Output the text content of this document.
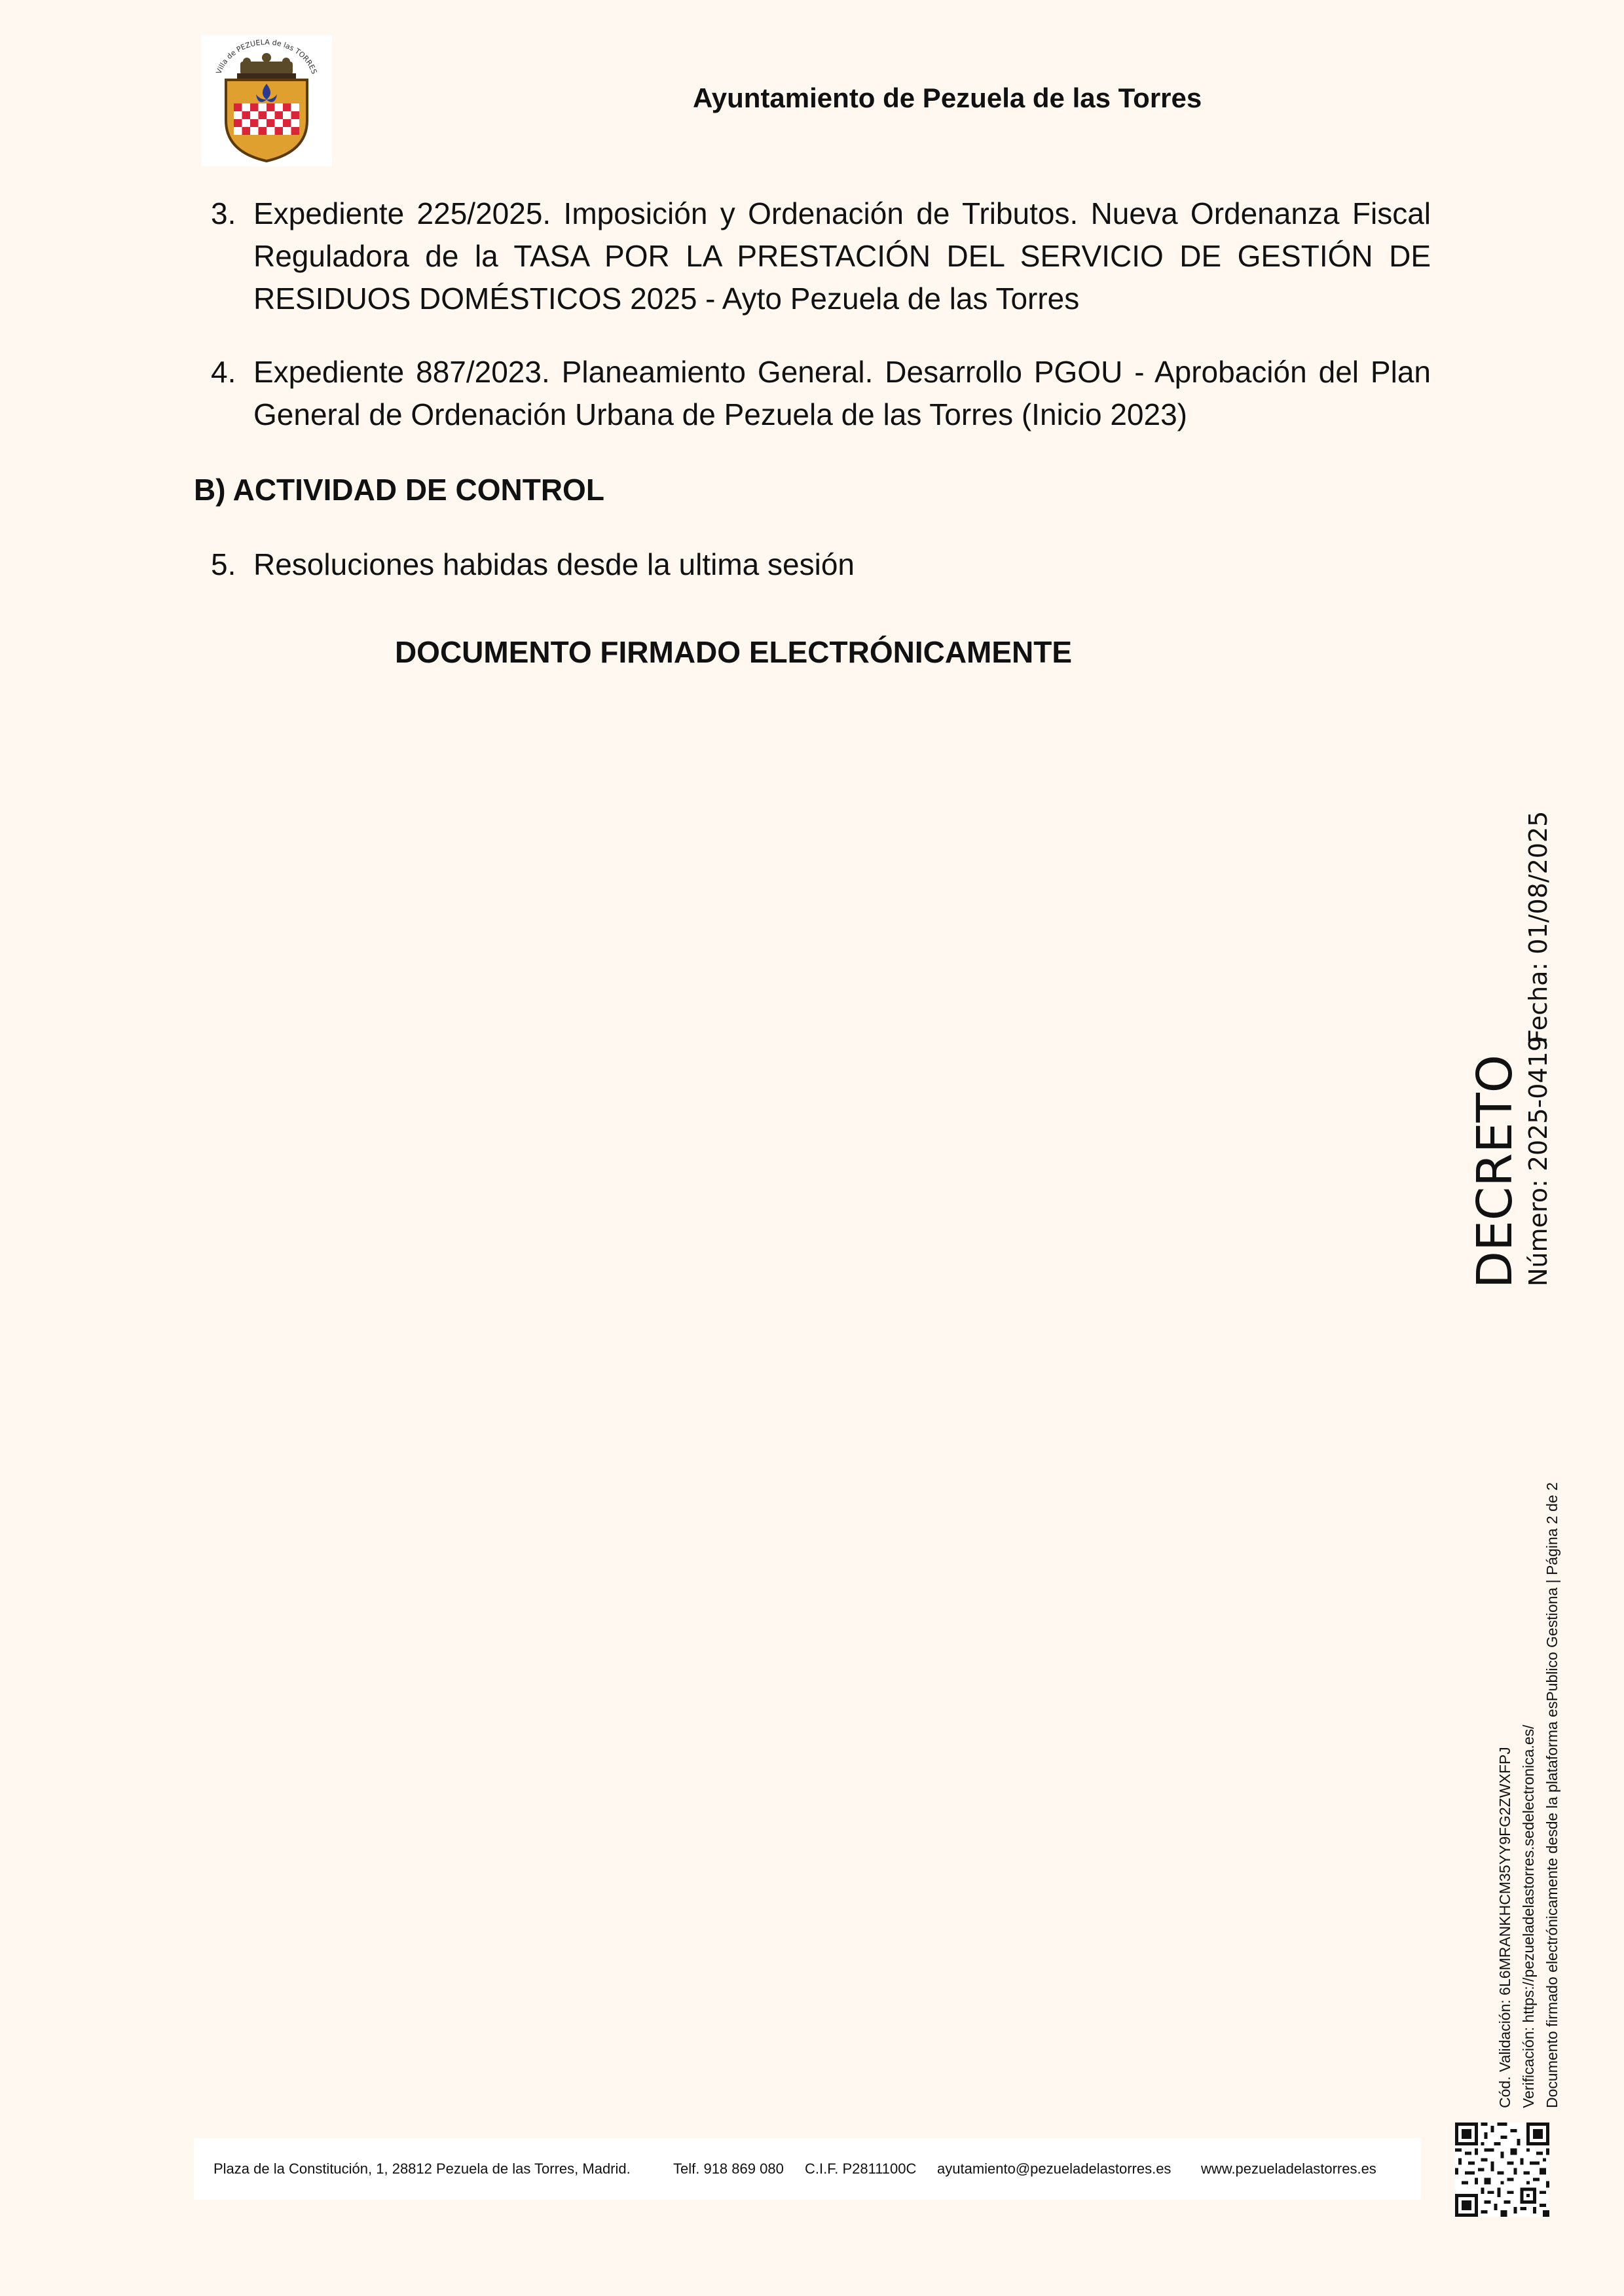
Villa de PEZUELA de las TORRES
Ayuntamiento de Pezuela de las Torres
3. Expediente 225/2025. Imposición y Ordenación de Tributos. Nueva Ordenanza Fiscal Reguladora de la TASA POR LA PRESTACIÓN DEL SERVICIO DE GESTIÓN DE RESIDUOS DOMÉSTICOS 2025 - Ayto Pezuela de las Torres
4. Expediente 887/2023. Planeamiento General. Desarrollo PGOU - Aprobación del Plan General de Ordenación Urbana de Pezuela de las Torres (Inicio 2023)
B) ACTIVIDAD DE CONTROL
5. Resoluciones habidas desde la ultima sesión
DOCUMENTO FIRMADO ELECTRÓNICAMENTE
DECRETO Número: 2025-0419
Fecha: 01/08/2025
Cód. Validación: 6L6MRANKHCM35YY9FG2ZWXFPJ Verificación: https://pezueladelastorres.sedelectronica.es/ Documento firmado electrónicamente desde la plataforma esPublico Gestiona | Página 2 de 2
Plaza de la Constitución, 1, 28812 Pezuela de las Torres, Madrid.	Telf. 918 869 080 C.I.F. P2811100C ayutamiento@pezueladelastorres.es www.pezueladelastorres.es
